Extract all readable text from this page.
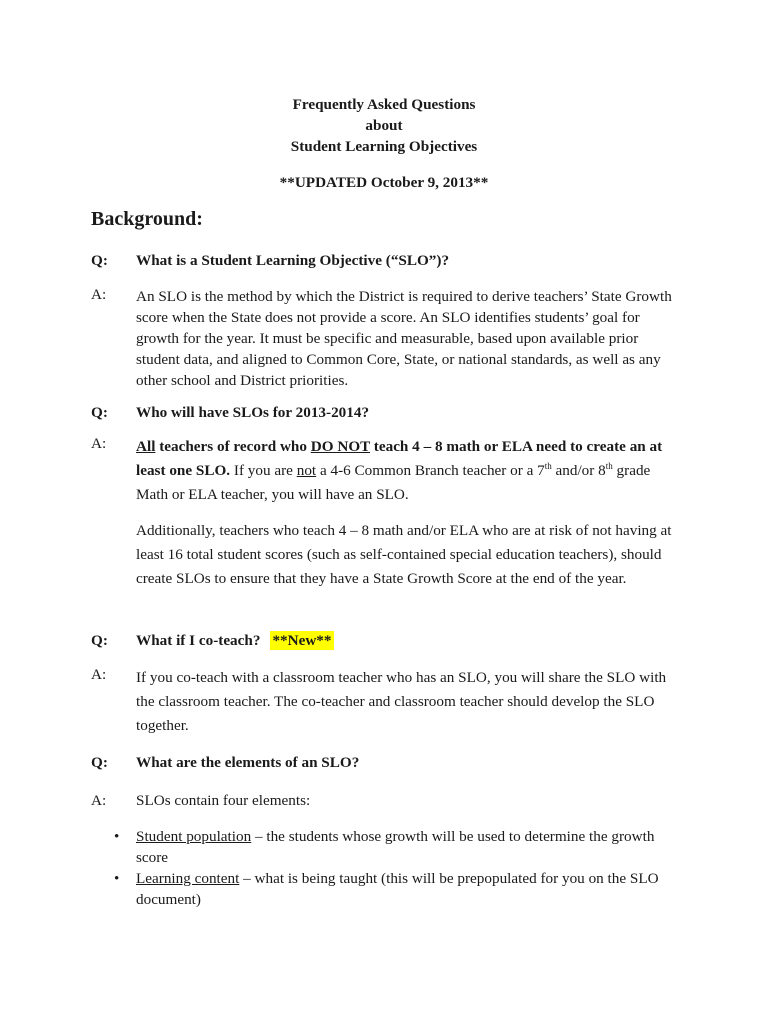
Frequently Asked Questions
about
Student Learning Objectives
**UPDATED October 9, 2013**
Background:
Q: What is a Student Learning Objective (“SLO”)?
A: An SLO is the method by which the District is required to derive teachers’ State Growth score when the State does not provide a score. An SLO identifies students’ goal for growth for the year. It must be specific and measurable, based upon available prior student data, and aligned to Common Core, State, or national standards, as well as any other school and District priorities.
Q: Who will have SLOs for 2013-2014?
A: All teachers of record who DO NOT teach 4 – 8 math or ELA need to create an at least one SLO. If you are not a 4-6 Common Branch teacher or a 7th and/or 8th grade Math or ELA teacher, you will have an SLO.
Additionally, teachers who teach 4 – 8 math and/or ELA who are at risk of not having at least 16 total student scores (such as self-contained special education teachers), should create SLOs to ensure that they have a State Growth Score at the end of the year.
Q: What if I co-teach? **New**
A: If you co-teach with a classroom teacher who has an SLO, you will share the SLO with the classroom teacher. The co-teacher and classroom teacher should develop the SLO together.
Q: What are the elements of an SLO?
A: SLOs contain four elements:
• Student population – the students whose growth will be used to determine the growth score
• Learning content – what is being taught (this will be prepopulated for you on the SLO document)
